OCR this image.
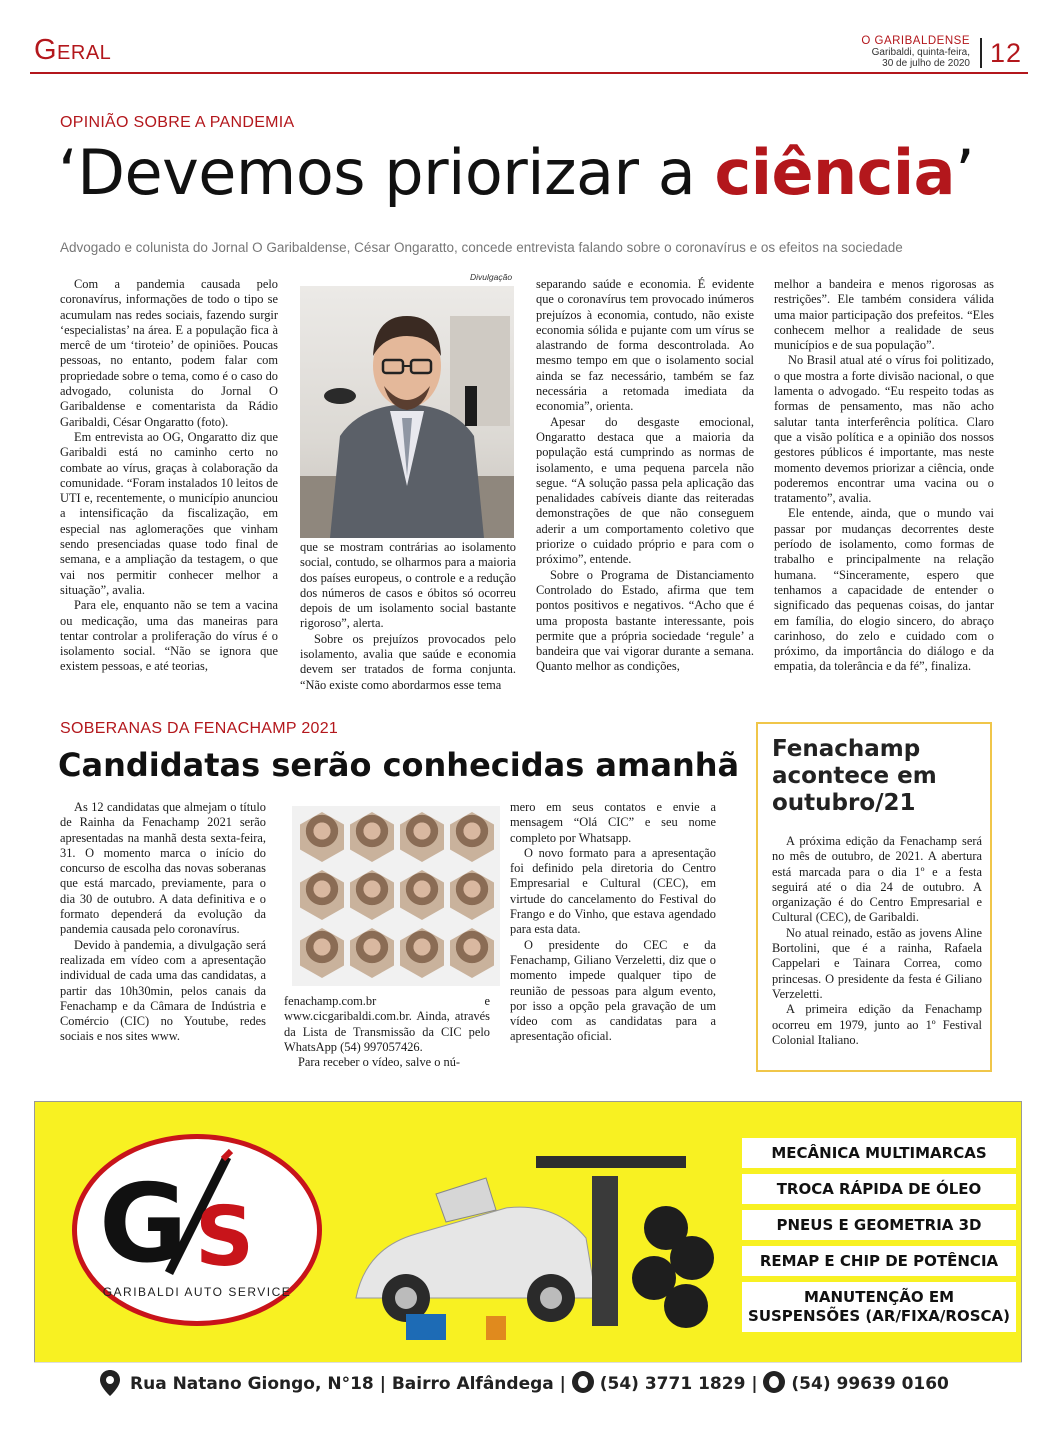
Geral	O GARIBALDENSE
Garibaldi, quinta-feira,
30 de julho de 2020 12
OPINIÃO SOBRE A PANDEMIA
‘Devemos priorizar a ciência’
Advogado e colunista do Jornal O Garibaldense, César Ongaratto, concede entrevista falando sobre o coronavírus e os efeitos na sociedade

Com a pandemia causada pelo coronavírus, informações de todo o tipo se acumulam nas redes sociais, fazendo surgir ‘especialistas’ na área. E a população fica à mercê de um ‘tiroteio’ de opiniões. Poucas pessoas, no entanto, podem falar com propriedade sobre o tema, como é o caso do advogado, colunista do Jornal O Garibaldense e comentarista da Rádio Garibaldi, César Ongaratto (foto).

Em entrevista ao OG, Ongaratto diz que Garibaldi está no caminho certo no combate ao vírus, graças à colaboração da comunidade. “Foram instalados 10 leitos de UTI e, recentemente, o município anunciou a intensificação da fiscalização, em especial nas aglomerações que vinham sendo presenciadas quase todo final de semana, e a ampliação da testagem, o que vai nos permitir conhecer melhor a situação”, avalia.

Para ele, enquanto não se tem a vacina ou medicação, uma das maneiras para tentar controlar a proliferação do vírus é o isolamento social. “Não se ignora que existem pessoas, e até teorias,

Divulgação

que se mostram contrárias ao isolamento social, contudo, se olharmos para a maioria dos países europeus, o controle e a redução dos números de casos e óbitos só ocorreu depois de um isolamento social bastante rigoroso”, alerta.

Sobre os prejuízos provocados pelo isolamento, avalia que saúde e economia devem ser tratados de forma conjunta. “Não existe como abordarmos esse tema

separando saúde e economia. É evidente que o coronavírus tem provocado inúmeros prejuízos à economia, contudo, não existe economia sólida e pujante com um vírus se alastrando de forma descontrolada. Ao mesmo tempo em que o isolamento social ainda se faz necessário, também se faz necessária a retomada imediata da economia”, orienta.

Apesar do desgaste emocional, Ongaratto destaca que a maioria da população está cumprindo as normas de isolamento, e uma pequena parcela não segue. “A solução passa pela aplicação das penalidades cabíveis diante das reiteradas demonstrações de que não conseguem aderir a um comportamento coletivo que priorize o cuidado próprio e para com o próximo”, entende.

Sobre o Programa de Distanciamento Controlado do Estado, afirma que tem pontos positivos e negativos. “Acho que é uma proposta bastante interessante, pois permite que a própria sociedade ‘regule’ a bandeira que vai vigorar durante a semana. Quanto melhor as condições,

melhor a bandeira e menos rigorosas as restrições”. Ele também considera válida uma maior participação dos prefeitos. “Eles conhecem melhor a realidade de seus municípios e de sua população”.

No Brasil atual até o vírus foi politizado, o que mostra a forte divisão nacional, o que lamenta o advogado. “Eu respeito todas as formas de pensamento, mas não acho salutar tanta interferência política. Claro que a visão política e a opinião dos nossos gestores públicos é importante, mas neste momento devemos priorizar a ciência, onde poderemos encontrar uma vacina ou o tratamento”, avalia.

Ele entende, ainda, que o mundo vai passar por mudanças decorrentes deste período de isolamento, como formas de trabalho e principalmente na relação humana. “Sinceramente, espero que tenhamos a capacidade de entender o significado das pequenas coisas, do jantar em família, do elogio sincero, do abraço carinhoso, do zelo e cuidado com o próximo, da importância do diálogo e da empatia, da tolerância e da fé”, finaliza.

SOBERANAS DA FENACHAMP 2021
Candidatas serão conhecidas amanhã

As 12 candidatas que almejam o título de Rainha da Fenachamp 2021 serão apresentadas na manhã desta sexta-feira, 31. O momento marca o início do concurso de escolha das novas soberanas que está marcado, previamente, para o dia 30 de outubro. A data definitiva e o formato dependerá da evolução da pandemia causada pelo coronavírus.

Devido à pandemia, a divulgação será realizada em vídeo com a apresentação individual de cada uma das candidatas, a partir das 10h30min, pelos canais da Fenachamp e da Câmara de Indústria e Comércio (CIC) no Youtube, redes sociais e nos sites www.

fenachamp.com.br e www.cicgaribaldi.com.br. Ainda, através da Lista de Transmissão da CIC pelo WhatsApp (54) 997057426.

Para receber o vídeo, salve o nú-

mero em seus contatos e envie a mensagem “Olá CIC” e seu nome completo por Whatsapp.

O novo formato para a apresentação foi definido pela diretoria do Centro Empresarial e Cultural (CEC), em virtude do cancelamento do Festival do Frango e do Vinho, que estava agendado para esta data.

O presidente do CEC e da Fenachamp, Giliano Verzeletti, diz que o momento impede qualquer tipo de reunião de pessoas para algum evento, por isso a opção pela gravação de um vídeo com as candidatas para a apresentação oficial.

Fenachamp acontece em outubro/21

A próxima edição da Fenachamp será no mês de outubro, de 2021. A abertura está marcada para o dia 1º e a festa seguirá até o dia 24 de outubro. A organização é do Centro Empresarial e Cultural (CEC), de Garibaldi.

No atual reinado, estão as jovens Aline Bortolini, que é a rainha, Rafaela Cappelari e Tainara Correa, como princesas. O presidente da festa é Giliano Verzeletti.

A primeira edição da Fenachamp ocorreu em 1979, junto ao 1º Festival Colonial Italiano.

G S
GARIBALDI AUTO SERVICE
MECÂNICA MULTIMARCAS
TROCA RÁPIDA DE ÓLEO
PNEUS E GEOMETRIA 3D
REMAP E CHIP DE POTÊNCIA
MANUTENÇÃO EM SUSPENSÕES (AR/FIXA/ROSCA)
Rua Natano Giongo, N°18 | Bairro Alfândega |
(54) 3771 1829 |
(54) 99639 0160
